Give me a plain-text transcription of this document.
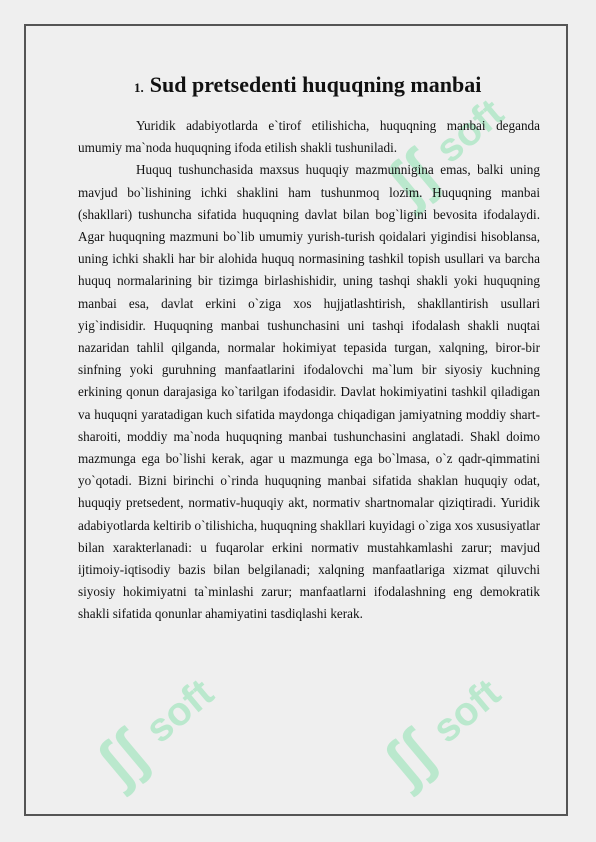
ʃʃ
soft
ʃʃ
soft
ʃʃ
soft
1. Sud pretsedenti huquqning manbai

Yuridik adabiyotlarda e`tirof etilishicha, huquqning manbai deganda umumiy ma`noda huquqning ifoda etilish shakli tushuniladi.

Huquq tushunchasida maxsus huquqiy mazmunnigina emas, balki uning mavjud bo`lishining ichki shaklini ham tushunmoq lozim. Huquqning manbai (shakllari) tushuncha sifatida huquqning davlat bilan bog`ligini bevosita ifodalaydi. Agar huquqning mazmuni bo`lib umumiy yurish-turish qoidalari yigindisi hisoblansa, uning ichki shakli har bir alohida huquq normasining tashkil topish usullari va barcha huquq normalarining bir tizimga birlashishidir, uning tashqi shakli yoki huquqning manbai esa, davlat erkini o`ziga xos hujjatlashtirish, shakllantirish usullari yig`indisidir. Huquqning manbai tushunchasini uni tashqi ifodalash shakli nuqtai nazaridan tahlil qilganda, normalar hokimiyat tepasida turgan, xalqning, biror-bir sinfning yoki guruhning manfaatlarini ifodalovchi ma`lum bir siyosiy kuchning erkining qonun darajasiga ko`tarilgan ifodasidir. Davlat hokimiyatini tashkil qiladigan va huquqni yaratadigan kuch sifatida maydonga chiqadigan jamiyatning moddiy shart-sharoiti, moddiy ma`noda huquqning manbai tushunchasini anglatadi. Shakl doimo mazmunga ega bo`lishi kerak, agar u mazmunga ega bo`lmasa, o`z qadr-qimmatini yo`qotadi. Bizni birinchi o`rinda huquqning manbai sifatida shaklan huquqiy odat, huquqiy pretsedent, normativ-huquqiy akt, normativ shartnomalar qiziqtiradi. Yuridik adabiyotlarda keltirib o`tilishicha, huquqning shakllari kuyidagi o`ziga xos xususiyatlar bilan xarakterlanadi: u fuqarolar erkini normativ mustahkamlashi zarur; mavjud ijtimoiy-iqtisodiy bazis bilan belgilanadi; xalqning manfaatlariga xizmat qiluvchi siyosiy hokimiyatni ta`minlashi zarur; manfaatlarni ifodalashning eng demokratik shakli sifatida qonunlar ahamiyatini tasdiqlashi kerak.
